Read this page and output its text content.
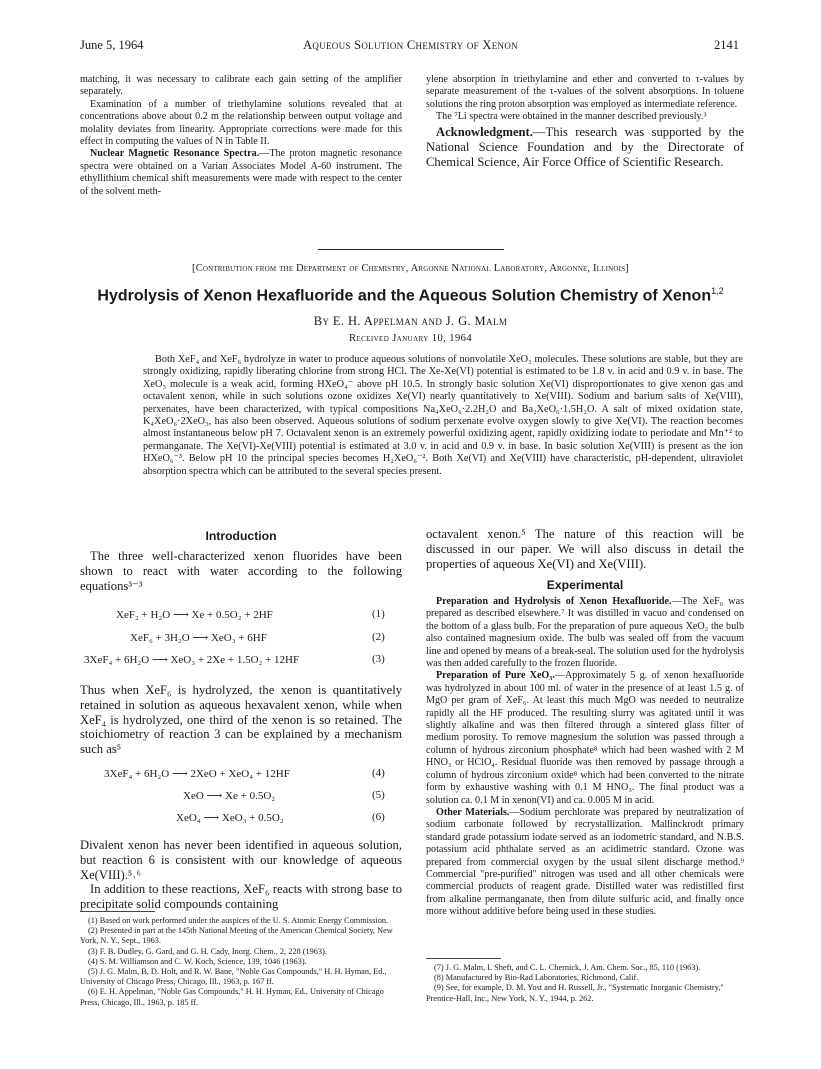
June 5, 1964	Aqueous Solution Chemistry of Xenon	2141

matching, it was necessary to calibrate each gain setting of the amplifier separately.

Examination of a number of triethylamine solutions revealed that at concentrations above about 0.2 m the relationship between output voltage and molality deviates from linearity. Appropriate corrections were made for this effect in computing the values of N in Table II.

Nuclear Magnetic Resonance Spectra.—The proton magnetic resonance spectra were obtained on a Varian Associates Model A-60 instrument. The ethyllithium chemical shift measurements were made with respect to the center of the solvent meth-

ylene absorption in triethylamine and ether and converted to τ-values by separate measurement of the τ-values of the solvent absorptions. In toluene solutions the ring proton absorption was employed as intermediate reference.

The ⁷Li spectra were obtained in the manner described previously.³

Acknowledgment.—This research was supported by the National Science Foundation and by the Directorate of Chemical Science, Air Force Office of Scientific Research.

[Contribution from the Department of Chemistry, Argonne National Laboratory, Argonne, Illinois]
Hydrolysis of Xenon Hexafluoride and the Aqueous Solution Chemistry of Xenon$^{1,2}$
By E. H. Appelman and J. G. Malm
Received January 10, 1964

Both XeF₄ and XeF₆ hydrolyze in water to produce aqueous solutions of nonvolatile XeO₃ molecules. These solutions are stable, but they are strongly oxidizing, rapidly liberating chlorine from strong HCl. The Xe-Xe(VI) potential is estimated to be 1.8 v. in acid and 0.9 v. in base. The XeO₃ molecule is a weak acid, forming HXeO₄⁻ above pH 10.5. In strongly basic solution Xe(VI) disproportionates to give xenon gas and octavalent xenon, while in such solutions ozone oxidizes Xe(VI) nearly quantitatively to Xe(VIII). Sodium and barium salts of Xe(VIII), perxenates, have been characterized, with typical compositions Na₄XeO₆·2.2H₂O and Ba₂XeO₆·1.5H₂O. A salt of mixed oxidation state, K₄XeO₆·2XeO₃, has also been observed. Aqueous solutions of sodium perxenate evolve oxygen slowly to give Xe(VI). The reaction becomes almost instantaneous below pH 7. Octavalent xenon is an extremely powerful oxidizing agent, rapidly oxidizing iodate to periodate and Mn⁺² to permanganate. The Xe(VI)-Xe(VIII) potential is estimated at 3.0 v. in acid and 0.9 v. in base. In basic solution Xe(VIII) is present as the ion HXeO₆⁻³. Below pH 10 the principal species becomes H₂XeO₆⁻². Both Xe(VI) and Xe(VIII) have characteristic, pH-dependent, ultraviolet absorption spectra which can be attributed to the several species present.

Introduction

The three well-characterized xenon fluorides have been shown to react with water according to the following equations³⁻³

XeF₂ + H₂O ⟶ Xe + 0.5O₂ + 2HF	(1)
XeF₆ + 3H₂O ⟶ XeO₃ + 6HF	(2)
3XeF₄ + 6H₂O ⟶ XeO₃ + 2Xe + 1.5O₂ + 12HF	(3)

Thus when XeF₆ is hydrolyzed, the xenon is quantitatively retained in solution as aqueous hexavalent xenon, while when XeF₄ is hydrolyzed, one third of the xenon is so retained. The stoichiometry of reaction 3 can be explained by a mechanism such as⁵

3XeF₄ + 6H₂O ⟶ 2XeO + XeO₄ + 12HF	(4)
XeO ⟶ Xe + 0.5O₂	(5)
XeO₄ ⟶ XeO₃ + 0.5O₂	(6)

Divalent xenon has never been identified in aqueous solution, but reaction 6 is consistent with our knowledge of aqueous Xe(VIII).⁵˒⁶

In addition to these reactions, XeF₆ reacts with strong base to precipitate solid compounds containing

(1) Based on work performed under the auspices of the U. S. Atomic Energy Commission.

(2) Presented in part at the 145th National Meeting of the American Chemical Society, New York, N. Y., Sept., 1963.

(3) F. B. Dudley, G. Gard, and G. H. Cady, Inorg. Chem., 2, 228 (1963).

(4) S. M. Williamson and C. W. Koch, Science, 139, 1046 (1963).

(5) J. G. Malm, B. D. Holt, and R. W. Bane, "Noble Gas Compounds," H. H. Hyman, Ed., University of Chicago Press, Chicago, Ill., 1963, p. 167 ff.

(6) E. H. Appelman, "Noble Gas Compounds," H. H. Hyman, Ed., University of Chicago Press, Chicago, Ill., 1963, p. 185 ff.

octavalent xenon.⁵ The nature of this reaction will be discussed in our paper. We will also discuss in detail the properties of aqueous Xe(VI) and Xe(VIII).

Experimental

Preparation and Hydrolysis of Xenon Hexafluoride.—The XeF₆ was prepared as described elsewhere.⁷ It was distilled in vacuo and condensed on the bottom of a glass bulb. For the preparation of pure aqueous XeO₃ the bulb also contained magnesium oxide. The bulb was sealed off from the vacuum line and opened by means of a break-seal. The solution used for the hydrolysis was then added carefully to the frozen fluoride.

Preparation of Pure XeO₃.—Approximately 5 g. of xenon hexafluoride was hydrolyzed in about 100 ml. of water in the presence of at least 1.5 g. of MgO per gram of XeF₆. At least this much MgO was needed to neutralize rapidly all the HF produced. The resulting slurry was agitated until it was slightly alkaline and was then filtered through a sintered glass filter of medium porosity. To remove magnesium the solution was passed through a column of hydrous zirconium phosphate⁸ which had been washed with 2 M HNO₃ or HClO₄. Residual fluoride was then removed by passage through a column of hydrous zirconium oxide⁸ which had been converted to the nitrate form by exhaustive washing with 0.1 M HNO₃. The final product was a solution ca. 0.1 M in xenon(VI) and ca. 0.005 M in acid.

Other Materials.—Sodium perchlorate was prepared by neutralization of sodium carbonate followed by recrystallization. Mallinckrodt primary standard grade potassium iodate served as an iodometric standard, and N.B.S. potassium acid phthalate served as an acidimetric standard. Ozone was prepared from commercial oxygen by the usual silent discharge method.⁹ Commercial "pre-purified" nitrogen was used and all other chemicals were commercial products of reagent grade. Distilled water was redistilled first from alkaline permanganate, then from dilute sulfuric acid, and finally once more without additive before being used in these studies.

(7) J. G. Malm, I. Sheft, and C. L. Chernick, J. Am. Chem. Soc., 85, 110 (1963).

(8) Manufactured by Bio-Rad Laboratories, Richmond, Calif.

(9) See, for example, D. M. Yost and H. Russell, Jr., "Systematic Inorganic Chemistry," Prentice-Hall, Inc., New York, N. Y., 1944, p. 262.
